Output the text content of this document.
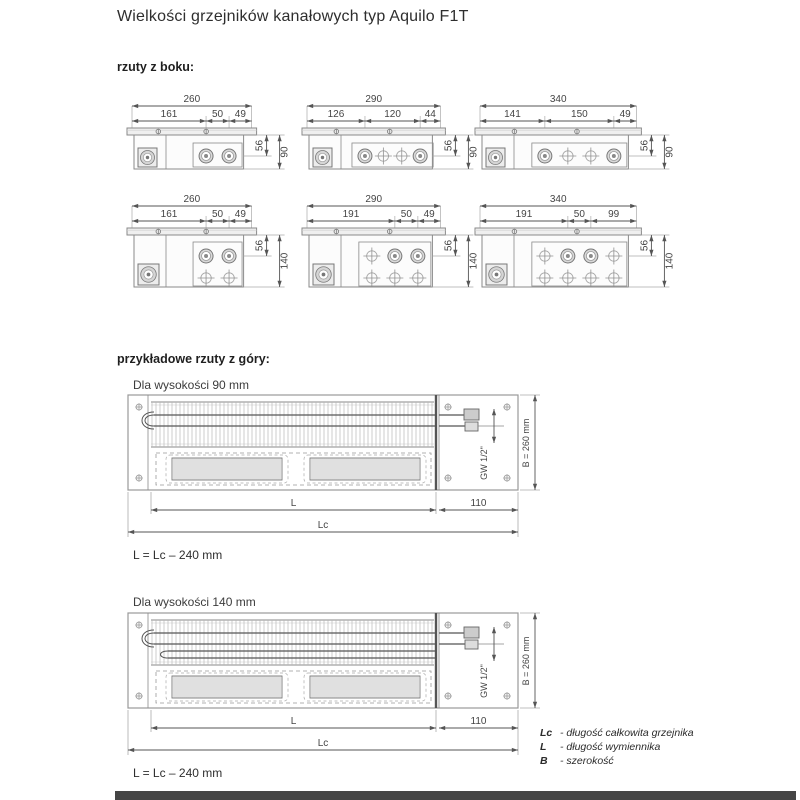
Wielkości grzejników kanałowych typ Aquilo F1T
rzuty z boku:
260
161	50 49
56
90
290
126	120 44
56
90
340
141	150	49
56
90
260
161	50 49
56
140
290
191	50 49
56
140
340
191	50 99
56
140
przykładowe rzuty z góry:
Dla wysokości 90 mm
GW 1/2"	B = 260 mm
L	110
Lc
L = Lc – 240 mm
Dla wysokości 140 mm
GW 1/2"	B = 260 mm
L	110
Lc
L = Lc – 240 mm
Lc - długość całkowita grzejnika
L - długość wymiennika
B - szerokość
